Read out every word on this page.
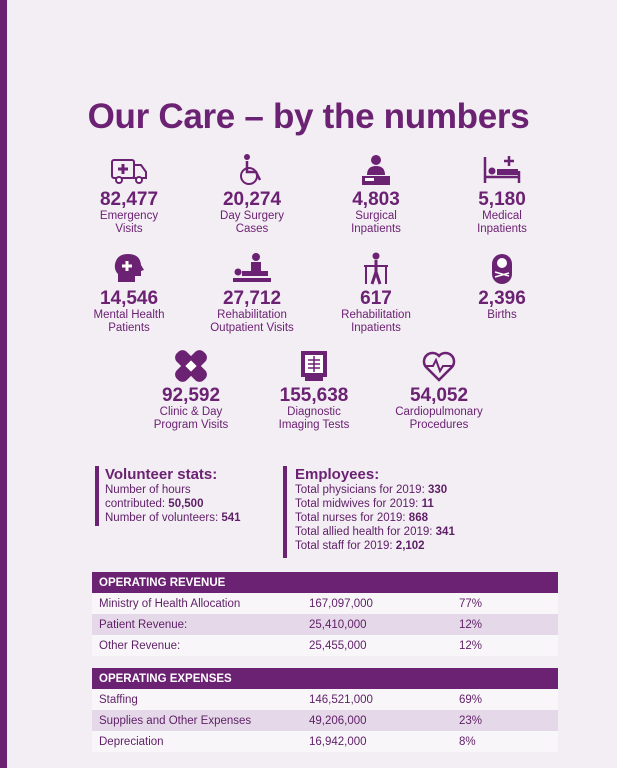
Our Care – by the numbers
82,477
Emergency
Visits
20,274
Day Surgery
Cases
4,803
Surgical
Inpatients
5,180
Medical
Inpatients
14,546
Mental Health
Patients
27,712
Rehabilitation
Outpatient Visits
617
Rehabilitation
Inpatients
2,396
Births
92,592
Clinic & Day
Program Visits
155,638
Diagnostic
Imaging Tests
54,052
Cardiopulmonary
Procedures
Volunteer stats:
Number of hours
contributed: 50,500
Number of volunteers: 541
Employees:
Total physicians for 2019: 330
Total midwives for 2019: 11
Total nurses for 2019: 868
Total allied health for 2019: 341
Total staff for 2019: 2,102
OPERATING REVENUE		
Ministry of Health Allocation	167,097,000	77%
Patient Revenue:	25,410,000	12%
Other Revenue:	25,455,000	12%
OPERATING EXPENSES		
Staffing	146,521,000	69%
Supplies and Other Expenses	49,206,000	23%
Depreciation	16,942,000	8%
